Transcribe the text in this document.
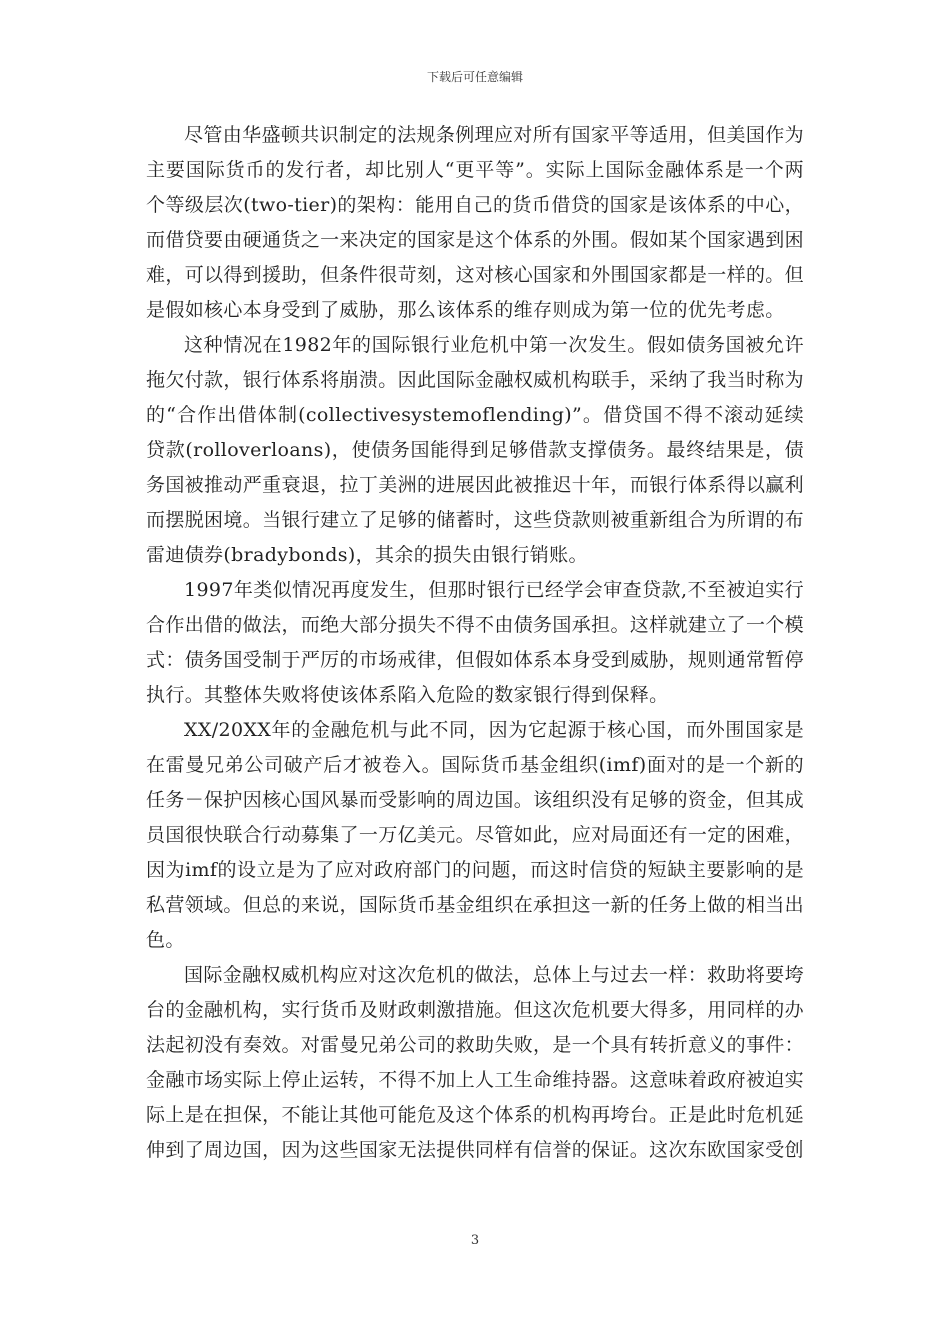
下载后可任意编辑

尽管由华盛顿共识制定的法规条例理应对所有国家平等适用，但美国作为主要国际货币的发行者，却比别人“更平等”。实际上国际金融体系是一个两个等级层次(two-tier)的架构：能用自己的货币借贷的国家是该体系的中心，而借贷要由硬通货之一来决定的国家是这个体系的外围。假如某个国家遇到困难，可以得到援助，但条件很苛刻，这对核心国家和外围国家都是一样的。但是假如核心本身受到了威胁，那么该体系的维存则成为第一位的优先考虑。

这种情况在1982年的国际银行业危机中第一次发生。假如债务国被允许拖欠付款，银行体系将崩溃。因此国际金融权威机构联手，采纳了我当时称为的“合作出借体制(collectivesystemoflending)”。借贷国不得不滚动延续贷款(rolloverloans)，使债务国能得到足够借款支撑债务。最终结果是，债务国被推动严重衰退，拉丁美洲的进展因此被推迟十年，而银行体系得以赢利而摆脱困境。当银行建立了足够的储蓄时，这些贷款则被重新组合为所谓的布雷迪债券(bradybonds)，其余的损失由银行销账。

1997年类似情况再度发生，但那时银行已经学会审查贷款,不至被迫实行合作出借的做法，而绝大部分损失不得不由债务国承担。这样就建立了一个模式：债务国受制于严厉的市场戒律，但假如体系本身受到威胁，规则通常暂停执行。其整体失败将使该体系陷入危险的数家银行得到保释。

XX/20XX年的金融危机与此不同，因为它起源于核心国，而外围国家是在雷曼兄弟公司破产后才被卷入。国际货币基金组织(imf)面对的是一个新的任务－保护因核心国风暴而受影响的周边国。该组织没有足够的资金，但其成员国很快联合行动募集了一万亿美元。尽管如此，应对局面还有一定的困难，因为imf的设立是为了应对政府部门的问题，而这时信贷的短缺主要影响的是私营领域。但总的来说，国际货币基金组织在承担这一新的任务上做的相当出色。

国际金融权威机构应对这次危机的做法，总体上与过去一样：救助将要垮台的金融机构，实行货币及财政刺激措施。但这次危机要大得多，用同样的办法起初没有奏效。对雷曼兄弟公司的救助失败，是一个具有转折意义的事件：金融市场实际上停止运转，不得不加上人工生命维持器。这意味着政府被迫实际上是在担保，不能让其他可能危及这个体系的机构再垮台。正是此时危机延伸到了周边国，因为这些国家无法提供同样有信誉的保证。这次东欧国家受创

3
